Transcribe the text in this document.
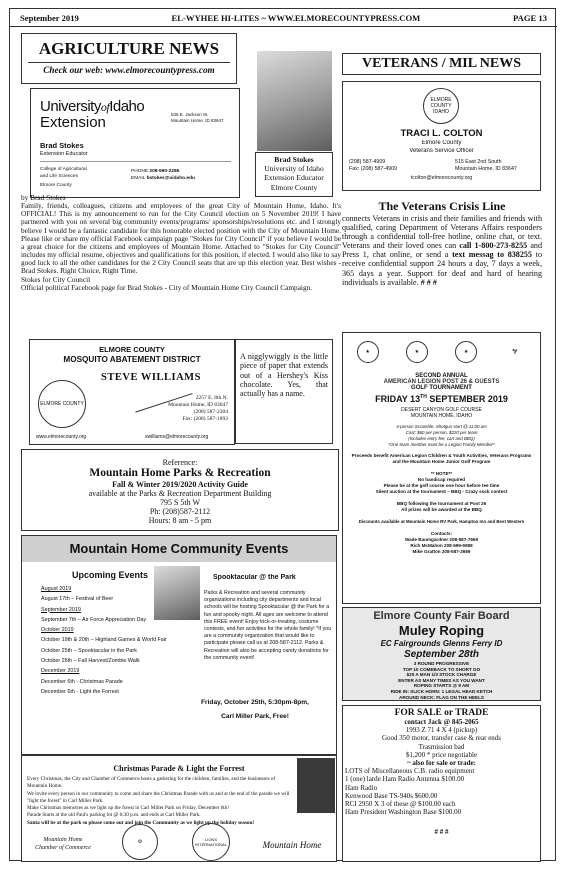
September 2019	EL-WYHEE HI-LITES ~ WWW.ELMORECOUNTYPRESS.COM	PAGE 13
AGRICULTURE NEWS
Check our web: www.elmorecountypress.com
UniversityofIdaho
Extension	535 E. Jackson St.
Mountain Home, ID 83647
Brad Stokes
Extension Educator
College of Agricultural
and Life Sciences
Elmore County
PHONE 208-590-2286
EMAIL bstokes@uidaho.edu
Brad Stokes
University of Idaho
Extension Educator
Elmore County
by Brad Stokes
Family, friends, colleagues, citizens and employees of the great City of Mountain Home, Idaho. It's OFFICIAL! This is my announcement to run for the City Council election on 5 November 2019! I have partnered with you on several big community events/programs/ sponsorships/resolutions etc. and I strongly believe I would be a fantastic candidate for this honorable elected position with the City of Mountain Home. Please like or share my official Facebook campaign page "Stokes for City Council" if you believe I would be a great choice for the citizens and employees of Mountain Home. Attached to "Stokes for City Council" includes my official resume, objectives and qualifications for this position, if elected. I would also like to say good luck to all the other candidates for the 2 City Council seats that are up this election year. Best wishes - Brad Stokes. Right Choice, Right Time.
Stokes for City Council
Official political Facebook page for Brad Stokes - City of Mountain Home City Council Campaign.
VETERANS / MIL NEWS
ELMORE COUNTY IDAHO
TRACI L. COLTON
Elmore County
Veterans Service Officer
(208) 587-4909
Fax: (208) 587-4909
515 East 2nd South
Mountain Home, ID 83647
tcolton@elmorecounty.org
The Veterans Crisis Line
connects Veterans in crisis and their families and friends with qualified, caring Department of Veterans Affairs responders through a confidential toll-free hotline, online chat, or text. Veterans and their loved ones can call 1-800-273-8255 and Press 1, chat online, or send a text messag to 838255 to receive confidential support 24 hours a day, 7 days a week, 365 days a year. Support for deaf and hard of hearing individuals is available. # # #
ELMORE COUNTY
MOSQUITO ABATEMENT DISTRICT
ELMORE COUNTY
STEVE WILLIAMS
2257 E. 8th N.
Mountain Home, ID 83647
(208) 587-2304
Fax: (208) 587-1893
www.elmorecounty.org	swilliams@elmorecounty.org
A nigglywiggly is the little piece of paper that extends out of a Hershey's Kiss chocolate. Yes, that actually has a name.
Reference:
Mountain Home Parks & Recreation
Fall & Winter 2019/2020 Activity Guide
available at the Parks & Recreation Department Building
795 S 5th W
Ph: (208)587-2112
Hours: 8 am - 5 pm
★	★	★	🦅
SECOND ANNUAL
AMERICAN LEGION POST 26 & GUESTS
GOLF TOURNAMENT
FRIDAY 13TH SEPTEMBER 2019
DESERT CANYON GOLF COURSE
MOUNTAIN HOME, IDAHO
4-person Scramble, Shotgun start @ 11:00 am
Cost: $60 per person, $220 per team
(Includes entry fee, cart and BBQ)
*One team member must be a Legion Family Member*
Proceeds benefit American Legion Children & Youth Activities, Veterans Programs and the Mountain Home Junior Golf Program
** NOTE**
No handicap required
Please be at the golf course one hour before tee time
Silent auction at the tournament – BBQ - Crazy sock contest
BBQ following the tournament at Post 26
All prizes will be awarded at the BBQ
Discounts available at Mountain Home RV Park, Hampton Inn and Best Western
Contacts:
Wade Baumgardner 208-587-7669
Rich McMahon 208-599-9988
Mike Gratton 208-587-2669
Mountain Home Community Events
Upcoming Events
August 2019
August 17th – Festival of Beer
September 2019
September 7th – Air Force Appreciation Day
October 2019
October 19th & 20th – Highland Games & World Fair
October 25th – Spooktacular in the Park
October 26th – Fall Harvest/Zombie Walk
December 2019
December 6th - Christmas Parade
December 6th - Light the Forrest
Spooktacular @ the Park
Parks & Recreation and several community organizations including city departments and local schools will be hosting Spooktacular @ the Park for a fun and spooky night. All ages are welcome to attend this FREE event! Enjoy trick-or-treating, costume contests, and fun activities for the whole family! *If you are a community organization that would like to participate please call us at 208-587-2112. Parks & Recreation will also be accepting candy donations for the community event!
Friday, October 25th, 5:30pm-8pm,
Carl Miller Park, Free!
Christmas Parade & Light the Forrest
Every Christmas, the City and Chamber of Commerce hosts a gathering for the children, families, and the businesses of Mountain Home.
We invite every person in our community to come and share the Christmas Parade with us and at the end of the parade we will "light the forest" in Carl Miller Park.
Make Christmas memories as we light up the forest in Carl Miller Park on Friday, December 6th!
Parade Starts at the old Paul's parking lot @ 6:30 p.m. and ends at Carl Miller Park.
Santa will be at the park so please come out and join the Community as we light up the holiday season!
Mountain Home
Chamber of Commerce
⚙	LIONS INTERNATIONAL	Mountain Home
Elmore County Fair Board
Muley Roping
EC Fairgrounds Glenns Ferry ID
September 28th
3 ROUND PROGRESSIVE
TOP 10 COMEBACK TO SHORT GO
$20 A MAN 1/3 STOCK CHARGE
ENTER AS MANY TIMES AS YOU WANT
ROPING STARTS @ 9 AM
RIDE IN: SLICK HORN: 1 LEGAL HEAD KETCH
AROUND NECK: FLAG ON THE HEELS
FOR SALE or TRADE
contact Jack @ 845-2065
1993 Z 71 4 X 4 (pickup)
Good 350 motor, transfer case & rear ends
Trasmission bad
$1,200 * price negotiable
~ also for sale or trade:
LOTS of Miscellaneous C.B. radio equipment
1 (one) larde Ham Radio Antenna $100.00
Ham Radio
Kenwood Base TS-940s $600.00
RCI 2950 X 3 of these @ $100.00 each
Ham President Washington Base $100.00
# # #
